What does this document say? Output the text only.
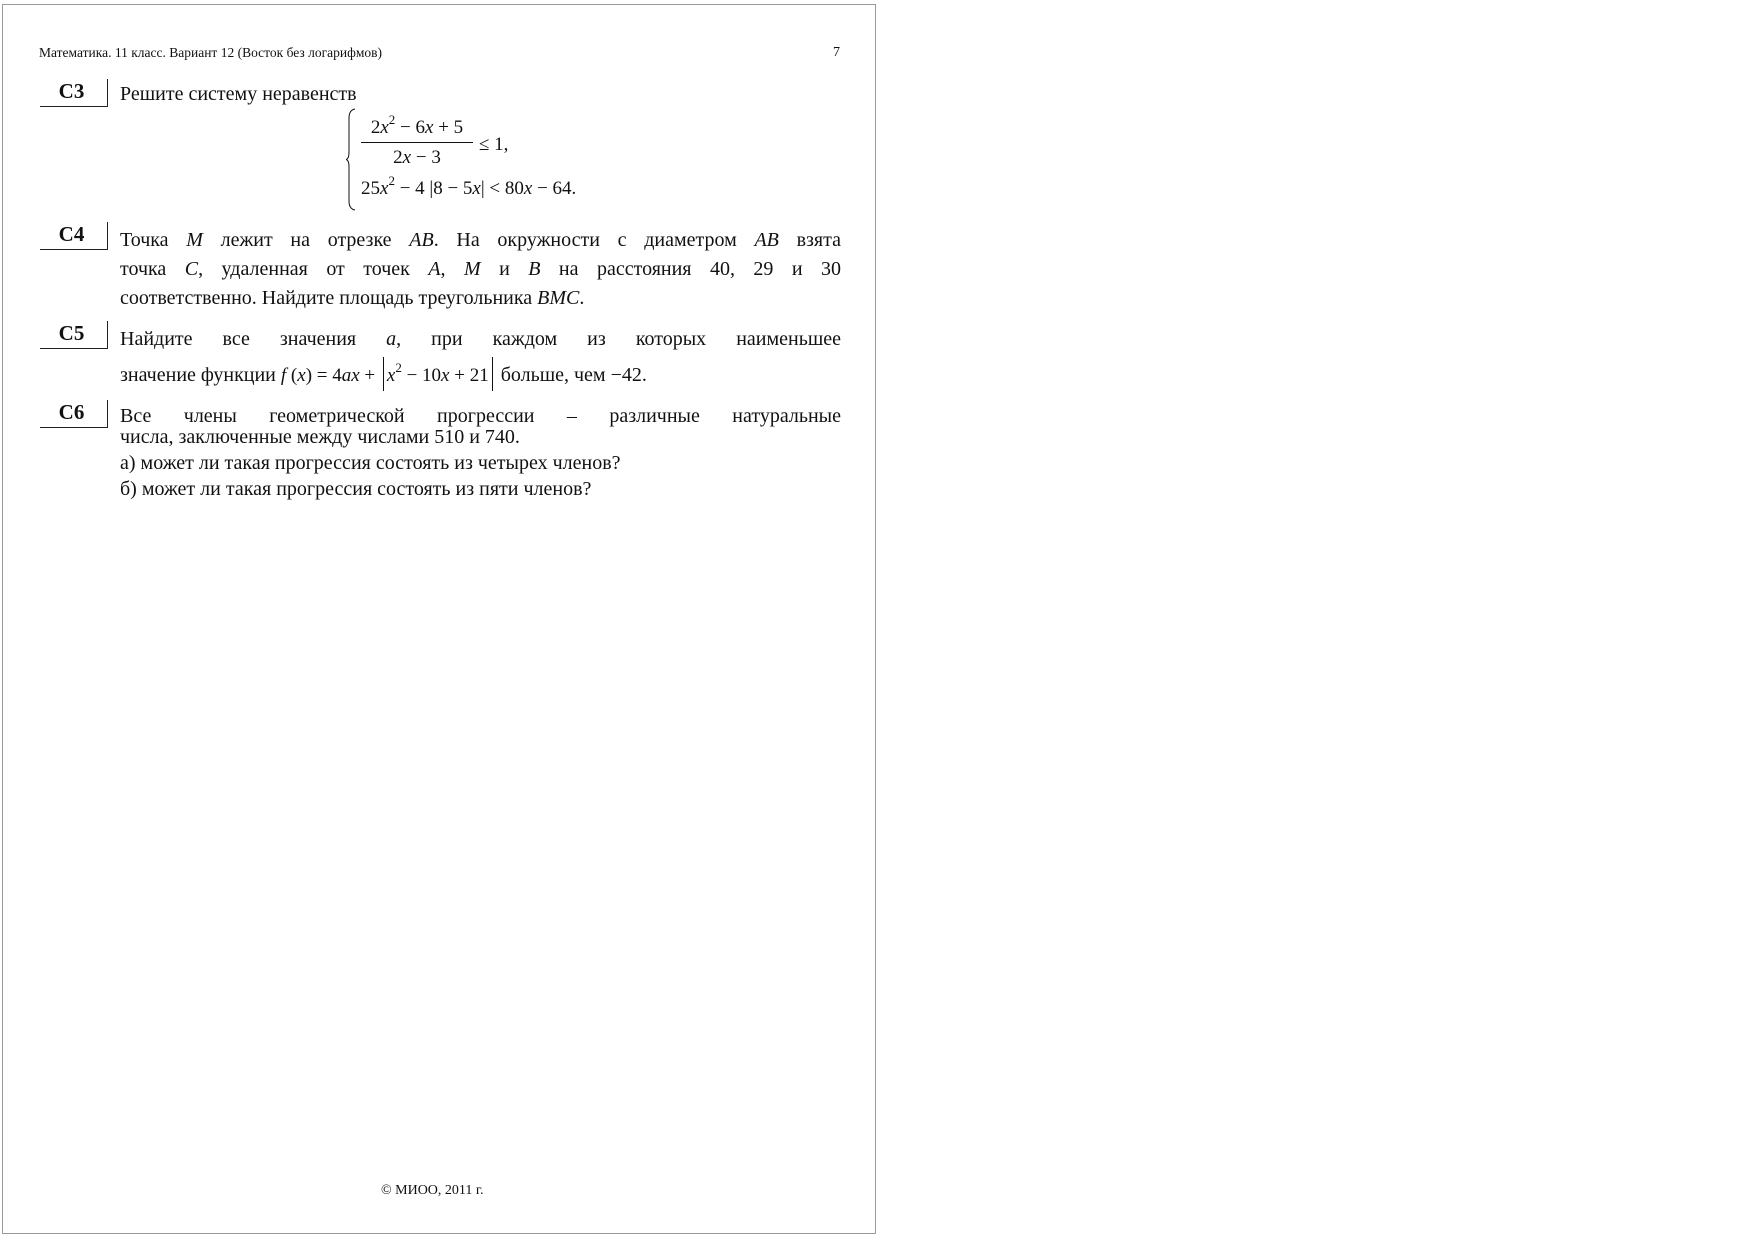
Математика. 11 класс. Вариант 12 (Восток без логарифмов)	7
C3	Решите систему неравенств
$\frac{2x^2 - 6x + 5}{2x - 3} \le 1$,
$25x^2 - 4$ |8 − 5x| < 80x − 64.
C4	Точка M лежит на отрезке AB. На окружности с диаметром AB взята
точка C, удаленная от точек A, M и B на расстояния 40, 29 и 30
соответственно. Найдите площадь треугольника BMC.
C5	Найдите все значения a, при каждом из которых наименьшее
значение функции f $(x) = 4ax + x^2 - 10x + 21$ больше, чем −42.
C6	Все члены геометрической прогрессии – различные натуральные
числа, заключенные между числами 510 и 740.
а) может ли такая прогрессия состоять из четырех членов?
б) может ли такая прогрессия состоять из пяти членов?
© МИОО, 2011 г.
